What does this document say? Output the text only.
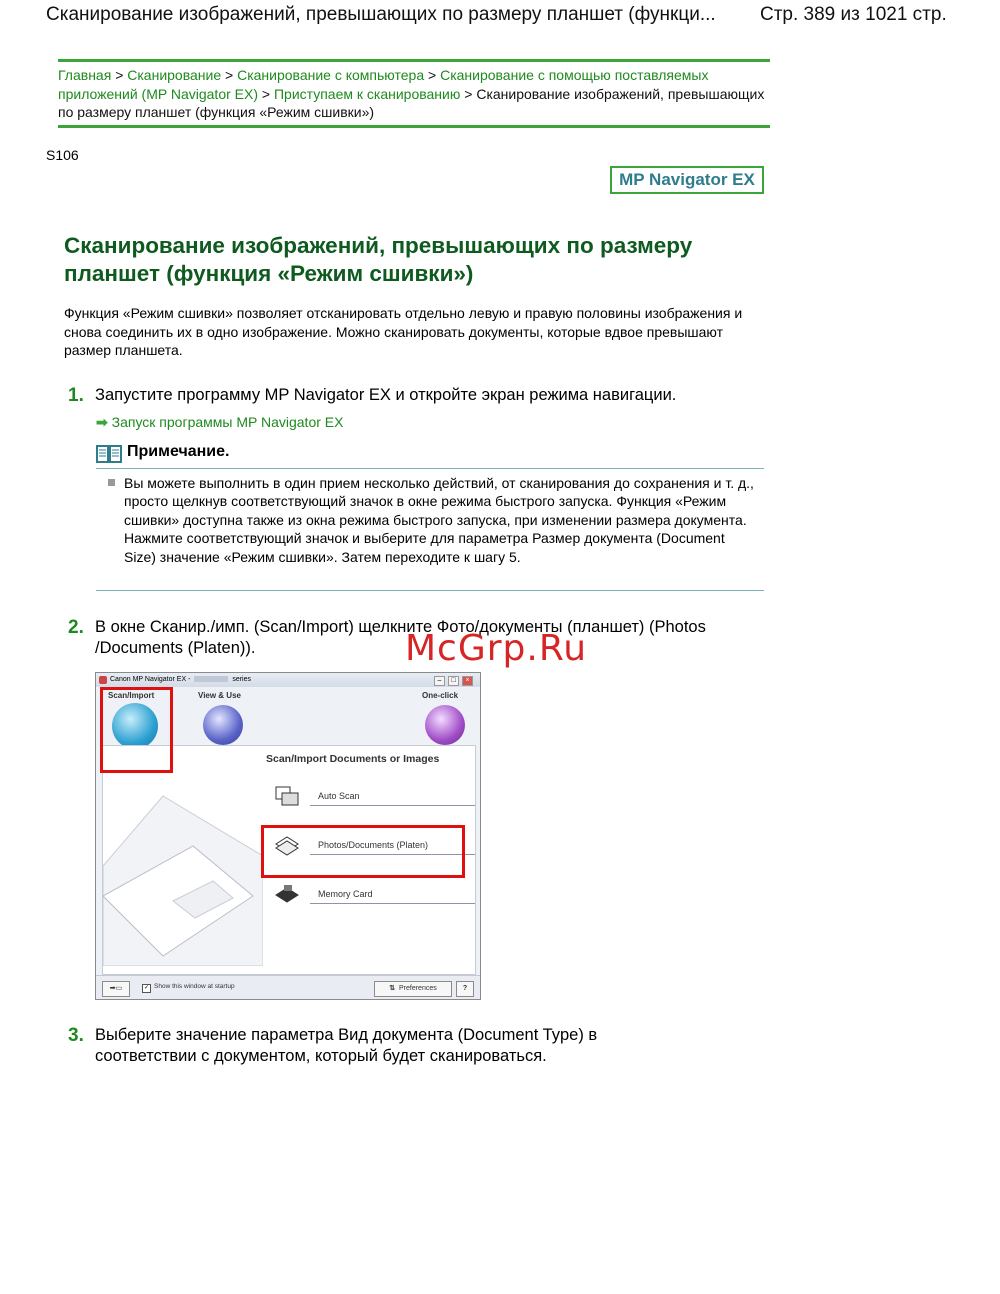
Сканирование изображений, превышающих по размеру планшет (функци... Стр. 389 из 1021 стр.
Главная > Сканирование > Сканирование с компьютера > Сканирование с помощью поставляемых приложений (MP Navigator EX) > Приступаем к сканированию > Сканирование изображений, превышающих по размеру планшет (функция «Режим сшивки»)
S106
MP Navigator EX
Сканирование изображений, превышающих по размеру планшет (функция «Режим сшивки»)
Функция «Режим сшивки» позволяет отсканировать отдельно левую и правую половины изображения и снова соединить их в одно изображение. Можно сканировать документы, которые вдвое превышают размер планшета.
1. Запустите программу MP Navigator EX и откройте экран режима навигации.
➡ Запуск программы MP Navigator EX
Примечание.
Вы можете выполнить в один прием несколько действий, от сканирования до сохранения и т. д., просто щелкнув соответствующий значок в окне режима быстрого запуска. Функция «Режим сшивки» доступна также из окна режима быстрого запуска, при изменении размера документа. Нажмите соответствующий значок и выберите для параметра Размер документа (Document Size) значение «Режим сшивки». Затем переходите к шагу 5.
2. В окне Сканир./имп. (Scan/Import) щелкните Фото/документы (планшет) (Photos /Documents (Platen)).
Canon MP Navigator EX -	series	–	□	×
Scan/Import	View & Use	One-click
Scan/Import Documents or Images
Auto Scan
Photos/Documents (Platen)
Memory Card
➡▭	✓ Show this window at startup	⇅ Preferences	?
McGrp.Ru
3. Выберите значение параметра Вид документа (Document Type) в соответствии с документом, который будет сканироваться.
